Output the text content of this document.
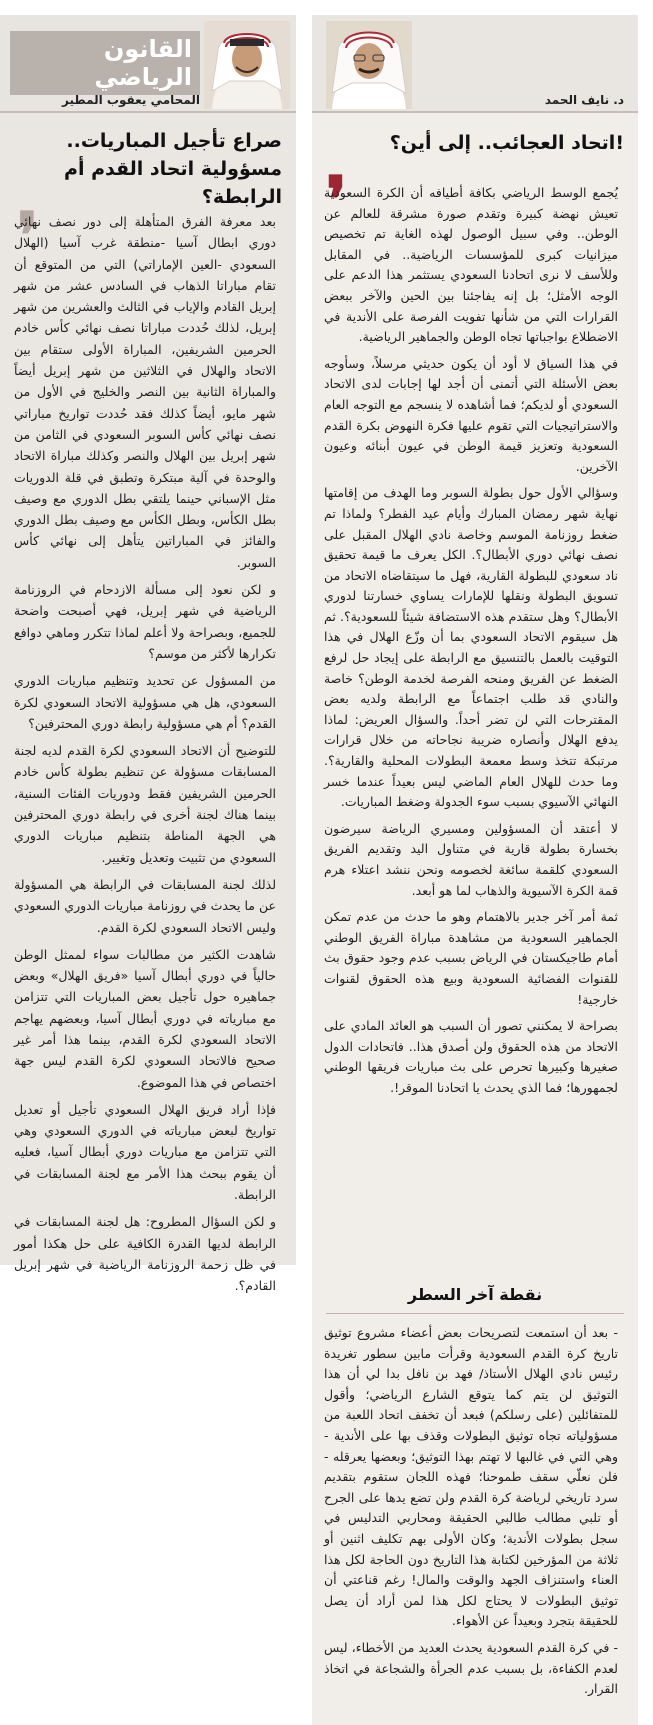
القانون الرياضي
المحامي يعقوب المطير
❜
صراع تأجيل المباريات.. مسؤولية اتحاد القدم أم الرابطة؟

بعد معرفة الفرق المتأهلة إلى دور نصف نهائي دوري ابطال آسيا -منطقة غرب آسيا (الهلال السعودي -العين الإماراتي) التي من المتوقع أن تقام مباراتا الذهاب في السادس عشر من شهر إبريل القادم والإياب في الثالث والعشرين من شهر إبريل، لذلك حُددت مباراتا نصف نهائي كأس خادم الحرمين الشريفين، المباراة الأولى ستقام بين الاتحاد والهلال في الثلاثين من شهر إبريل أيضاً والمباراة الثانية بين النصر والخليج في الأول من شهر مايو، أيضاً كذلك فقد حُددت تواريخ مباراتي نصف نهائي كأس السوبر السعودي في الثامن من شهر إبريل بين الهلال والنصر وكذلك مباراة الاتحاد والوحدة في آلية مبتكرة وتطبق في قلة الدوريات مثل الإسباني حينما يلتقي بطل الدوري مع وصيف بطل الكأس، وبطل الكأس مع وصيف بطل الدوري والفائز في المباراتين يتأهل إلى نهائي كأس السوبر.

و لكن نعود إلى مسألة الازدحام في الروزنامة الرياضية في شهر إبريل، فهي أصبحت واضحة للجميع، وبصراحة ولا أعلم لماذا تتكرر وماهي دوافع تكرارها لأكثر من موسم؟

من المسؤول عن تحديد وتنظيم مباريات الدوري السعودي، هل هي مسؤولية الاتحاد السعودي لكرة القدم؟ أم هي مسؤولية رابطة دوري المحترفين؟

للتوضيح أن الاتحاد السعودي لكرة القدم لديه لجنة المسابقات مسؤولة عن تنظيم بطولة كأس خادم الحرمين الشريفين فقط ودوريات الفئات السنية، بينما هناك لجنة أخرى في رابطة دوري المحترفين هي الجهة المناطة بتنظيم مباريات الدوري السعودي من تثبيت وتعديل وتغيير.

لذلك لجنة المسابقات في الرابطة هي المسؤولة عن ما يحدث في روزنامة مباريات الدوري السعودي وليس الاتحاد السعودي لكرة القدم.

شاهدت الكثير من مطالبات سواء لممثل الوطن حالياً في دوري أبطال آسيا «فريق الهلال» وبعض جماهيره حول تأجيل بعض المباريات التي تتزامن مع مبارياته في دوري أبطال آسيا، وبعضهم يهاجم الاتحاد السعودي لكرة القدم، بينما هذا أمر غير صحيح فالاتحاد السعودي لكرة القدم ليس جهة اختصاص في هذا الموضوع.

فإذا أراد فريق الهلال السعودي تأجيل أو تعديل تواريخ لبعض مبارياته في الدوري السعودي وهي التي تتزامن مع مباريات دوري أبطال آسيا، فعليه أن يقوم ببحث هذا الأمر مع لجنة المسابقات في الرابطة.

و لكن السؤال المطروح: هل لجنة المسابقات في الرابطة لديها القدرة الكافية على حل هكذا أمور في ظل زحمة الروزنامة الرياضية في شهر إبريل القادم؟.

د. نايف الحمد
اتحاد العجائب.. إلى أين؟!
❜

يُجمع الوسط الرياضي بكافة أطيافه أن الكرة السعودية تعيش نهضة كبيرة وتقدم صورة مشرقة للعالم عن الوطن.. وفي سبيل الوصول لهذه الغاية تم تخصيص ميزانيات كبرى للمؤسسات الرياضية.. في المقابل وللأسف لا نرى اتحادنا السعودي يستثمر هذا الدعم على الوجه الأمثل؛ بل إنه يفاجئنا بين الحين والآخر ببعض القرارات التي من شأنها تفويت الفرصة على الأندية في الاضطلاع بواجباتها تجاه الوطن والجماهير الرياضية.

في هذا السياق لا أود أن يكون حديثي مرسلاً، وسأوجه بعض الأسئلة التي أتمنى أن أجد لها إجابات لدى الاتحاد السعودي أو لديكم؛ فما أشاهده لا ينسجم مع التوجه العام والاستراتيجيات التي تقوم عليها فكرة النهوض بكرة القدم السعودية وتعزيز قيمة الوطن في عيون أبنائه وعيون الآخرين.

وسؤالي الأول حول بطولة السوبر وما الهدف من إقامتها نهاية شهر رمضان المبارك وأيام عيد الفطر؟ ولماذا تم ضغط روزنامة الموسم وخاصة نادي الهلال المقبل على نصف نهائي دوري الأبطال؟. الكل يعرف ما قيمة تحقيق ناد سعودي للبطولة القارية، فهل ما سيتقاضاه الاتحاد من تسويق البطولة ونقلها للإمارات يساوي خسارتنا لدوري الأبطال؟ وهل ستقدم هذه الاستضافة شيئاً للسعودية؟. ثم هل سيقوم الاتحاد السعودي بما أن وزّع الهلال في هذا التوقيت بالعمل بالتنسيق مع الرابطة على إيجاد حل لرفع الضغط عن الفريق ومنحه الفرصة لخدمة الوطن؟ خاصة والنادي قد طلب اجتماعاً مع الرابطة ولديه بعض المقترحات التي لن تضر أحداً. والسؤال العريض: لماذا يدفع الهلال وأنصاره ضريبة نجاحاته من خلال قرارات مرتبكة تتخذ وسط معمعة البطولات المحلية والقارية؟. وما حدث للهلال العام الماضي ليس بعيداً عندما خسر النهائي الآسيوي بسبب سوء الجدولة وضغط المباريات.

لا أعتقد أن المسؤولين ومسيري الرياضة سيرضون بخسارة بطولة قارية في متناول اليد وتقديم الفريق السعودي كلقمة سائغة لخصومه ونحن ننشد اعتلاء هرم قمة الكرة الآسيوية والذهاب لما هو أبعد.

ثمة أمر آخر جدير بالاهتمام وهو ما حدث من عدم تمكن الجماهير السعودية من مشاهدة مباراة الفريق الوطني أمام طاجيكستان في الرياض بسبب عدم وجود حقوق بث للقنوات الفضائية السعودية وبيع هذه الحقوق لقنوات خارجية!

بصراحة لا يمكنني تصور أن السبب هو العائد المادي على الاتحاد من هذه الحقوق ولن أصدق هذا.. فاتحادات الدول صغيرها وكبيرها تحرص على بث مباريات فريقها الوطني لجمهورها؛ فما الذي يحدث يا اتحادنا الموقر!.

نقطة آخر السطر

- بعد أن استمعت لتصريحات بعض أعضاء مشروع توثيق تاريخ كرة القدم السعودية وقرأت مابين سطور تغريدة رئيس نادي الهلال الأستاذ/ فهد بن نافل بدا لي أن هذا التوثيق لن يتم كما يتوقع الشارع الرياضي؛ وأقول للمتفائلين (على رسلكم) فبعد أن تخفف اتحاد اللعبة من مسؤولياته تجاه توثيق البطولات وقذف بها على الأندية - وهي التي في غالبها لا تهتم بهذا التوثيق؛ وبعضها يعرقله - فلن نعلّي سقف طموحنا؛ فهذه اللجان ستقوم بتقديم سرد تاريخي لرياضة كرة القدم ولن تضع يدها على الجرح أو تلبي مطالب طالبي الحقيقة ومحاربي التدليس في سجل بطولات الأندية؛ وكان الأولى بهم تكليف اثنين أو ثلاثة من المؤرخين لكتابة هذا التاريخ دون الحاجة لكل هذا العناء واستنزاف الجهد والوقت والمال! رغم قناعتي أن توثيق البطولات لا يحتاج لكل هذا لمن أراد أن يصل للحقيقة بتجرد وبعيداً عن الأهواء.

- في كرة القدم السعودية يحدث العديد من الأخطاء، ليس لعدم الكفاءة، بل بسبب عدم الجرأة والشجاعة في اتخاذ القرار.
